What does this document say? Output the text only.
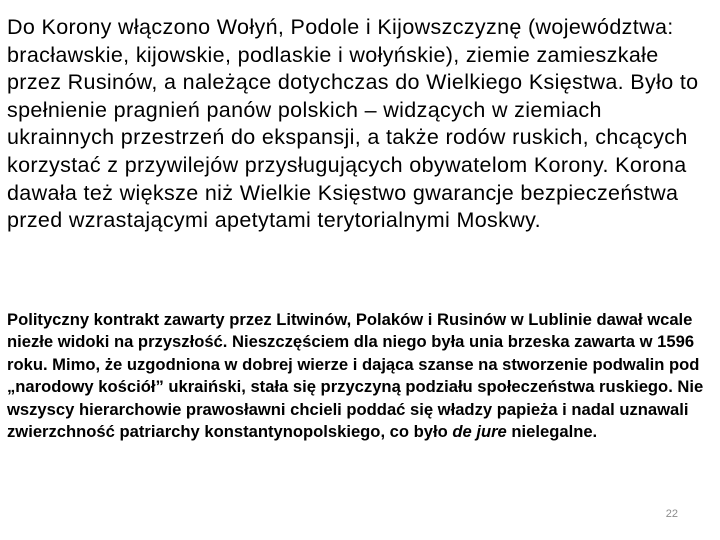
Do Korony włączono Wołyń, Podole i Kijowszczyznę (województwa: bracławskie, kijowskie, podlaskie i wołyńskie), ziemie zamieszkałe przez Rusinów, a należące dotychczas do Wielkiego Księstwa. Było to spełnienie pragnień panów polskich – widzących w ziemiach ukrainnych przestrzeń do ekspansji, a także rodów ruskich, chcących korzystać z przywilejów przysługujących obywatelom Korony. Korona dawała też większe niż Wielkie Księstwo gwarancje bezpieczeństwa przed wzrastającymi apetytami terytorialnymi Moskwy.

Polityczny kontrakt zawarty przez Litwinów, Polaków i Rusinów w Lublinie dawał wcale niezłe widoki na przyszłość. Nieszczęściem dla niego była unia brzeska zawarta w 1596 roku. Mimo, że uzgodniona w dobrej wierze i dająca szanse na stworzenie podwalin pod „narodowy kościół” ukraiński, stała się przyczyną podziału społeczeństwa ruskiego. Nie wszyscy hierarchowie prawosławni chcieli poddać się władzy papieża i nadal uznawali zwierzchność patriarchy konstantynopolskiego, co było de jure nielegalne.

22
